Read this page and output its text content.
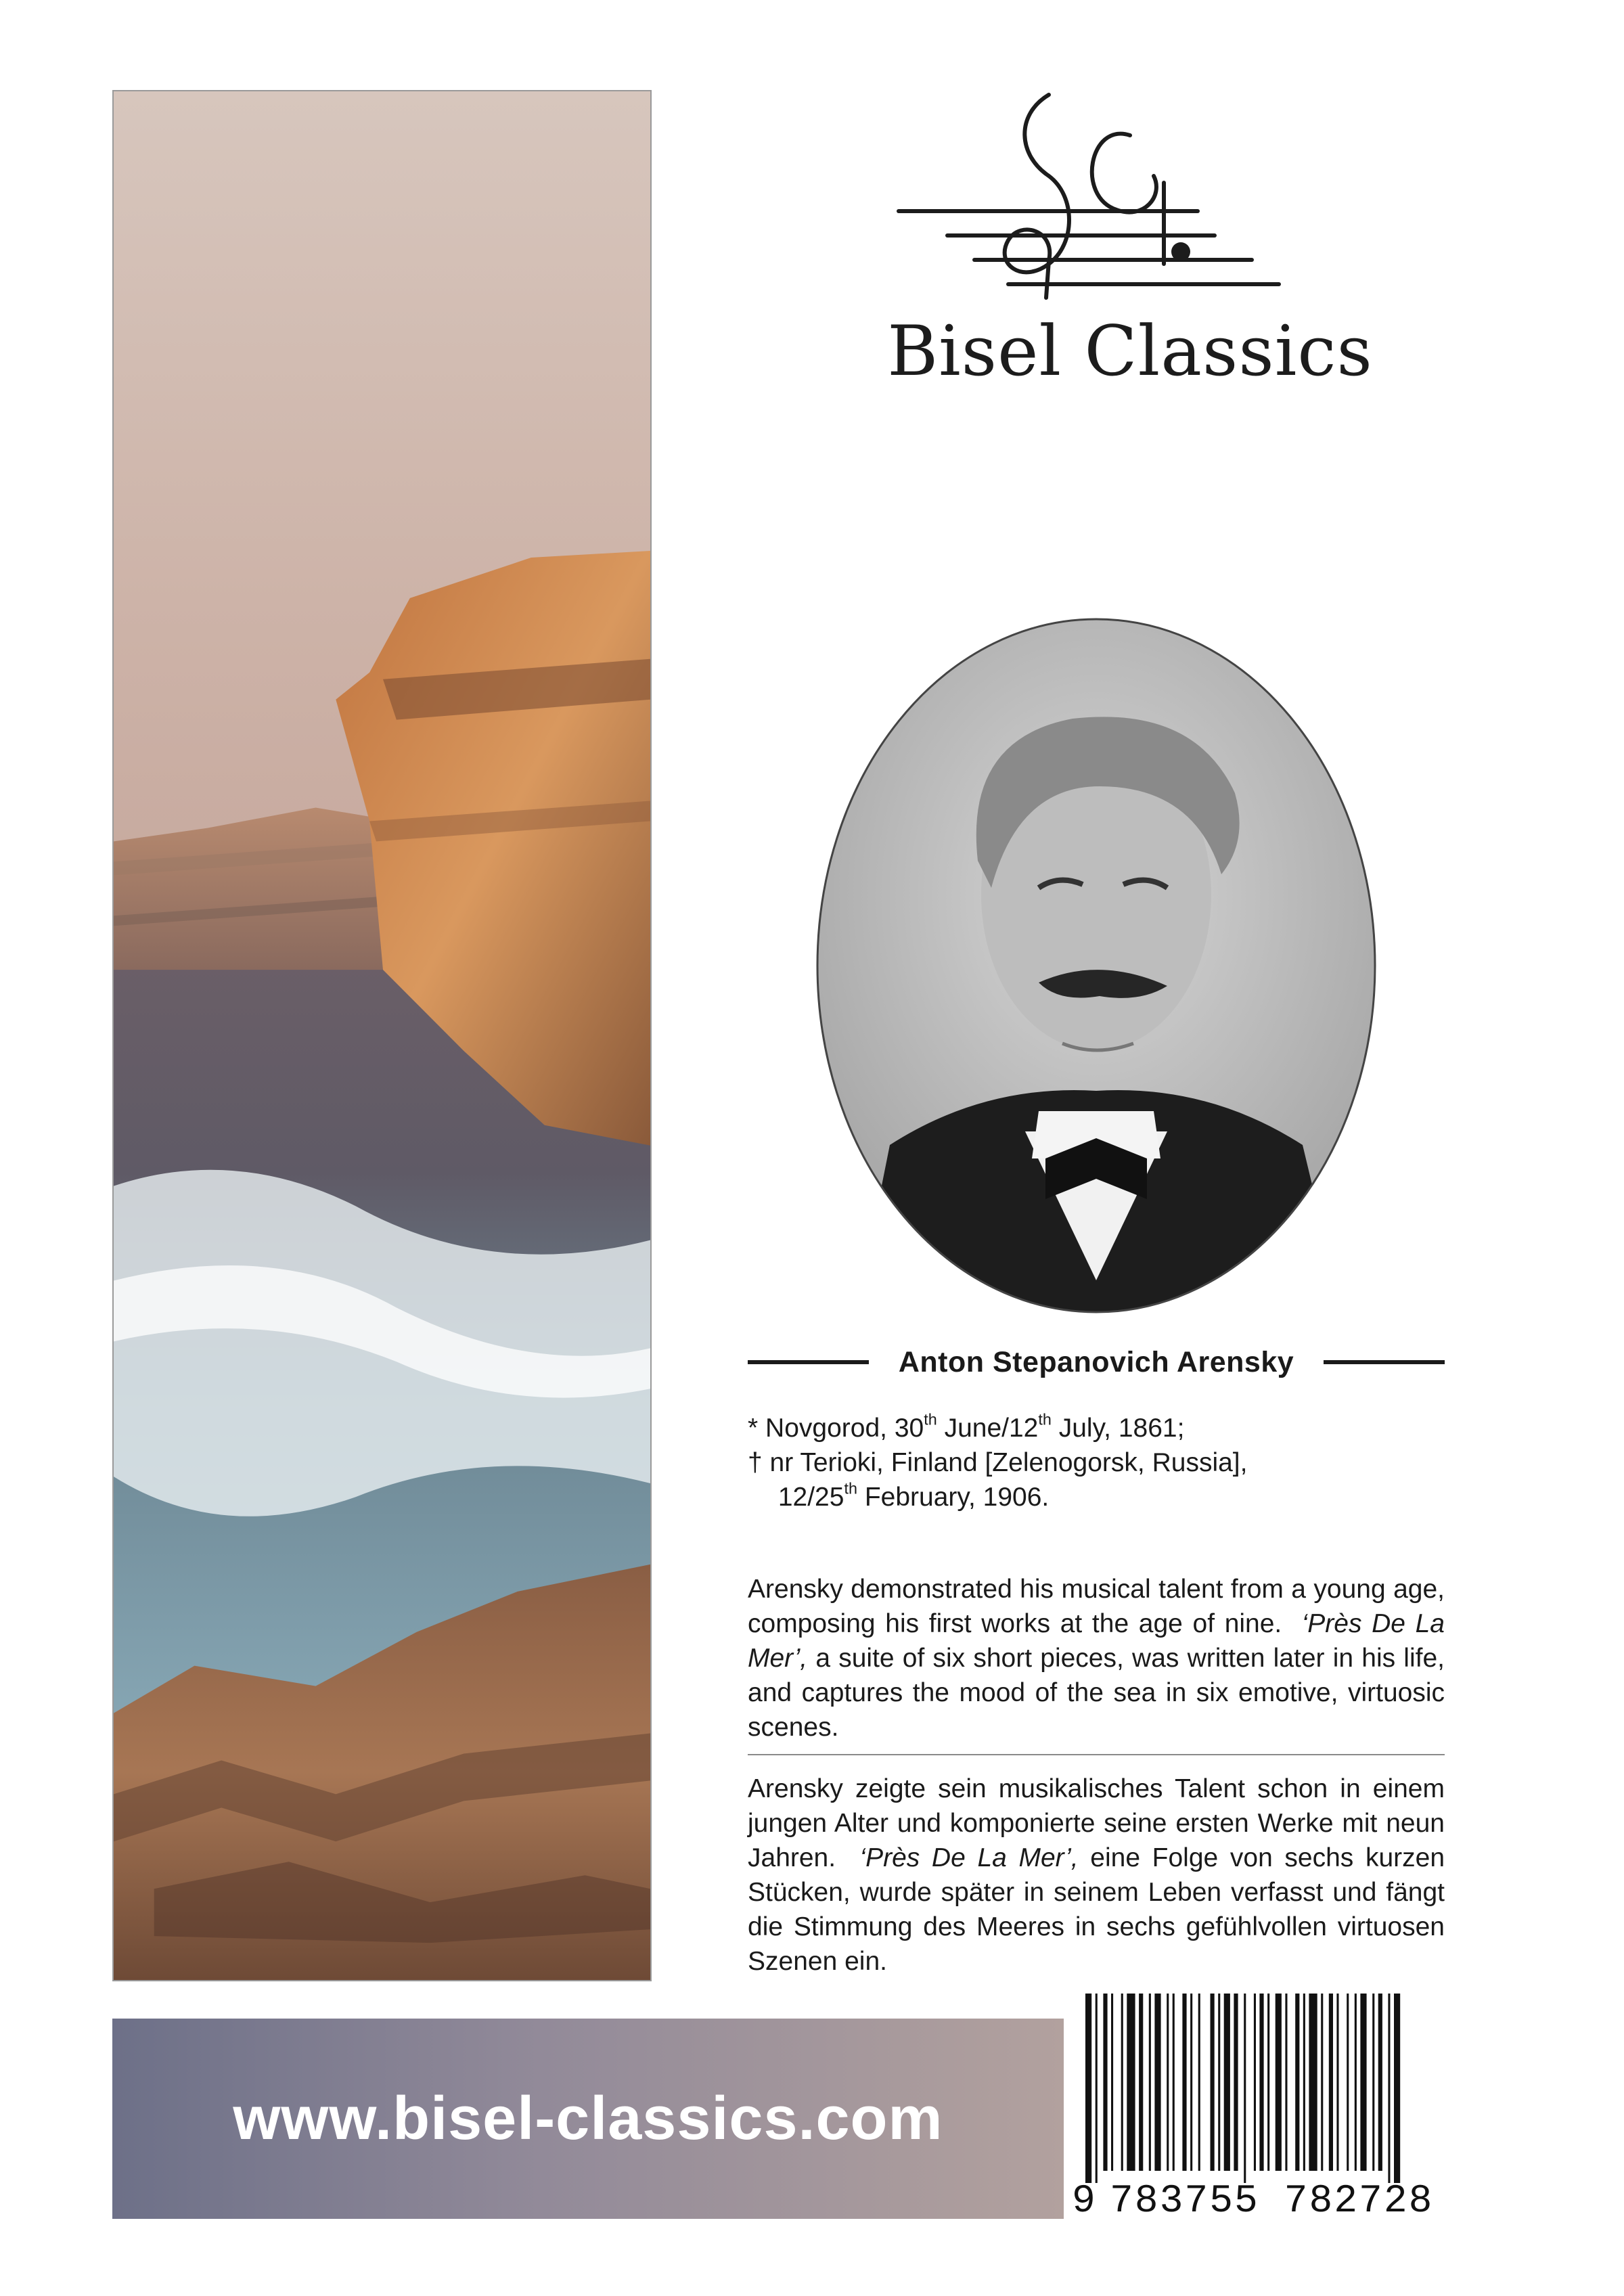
Bisel Classics
Anton Stepanovich Arensky
* Novgorod, 30th June/12th July, 1861;
† nr Terioki, Finland [Zelenogorsk, Russia],
12/25th February, 1906.
Arensky demonstrated his musical talent from a young age, composing his first works at the age of nine. ‘Près De La Mer’, a suite of six short pieces, was written later in his life, and captures the mood of the sea in six emotive, virtuosic scenes.
Arensky zeigte sein musikalisches Talent schon in einem jungen Alter und komponierte seine ersten Werke mit neun Jahren. ‘Près De La Mer’, eine Folge von sechs kurzen Stücken, wurde später in seinem Leben verfasst und fängt die Stimmung des Meeres in sechs gefühlvollen virtuosen Szenen ein.
www.bisel-classics.com
9 783755 782728
